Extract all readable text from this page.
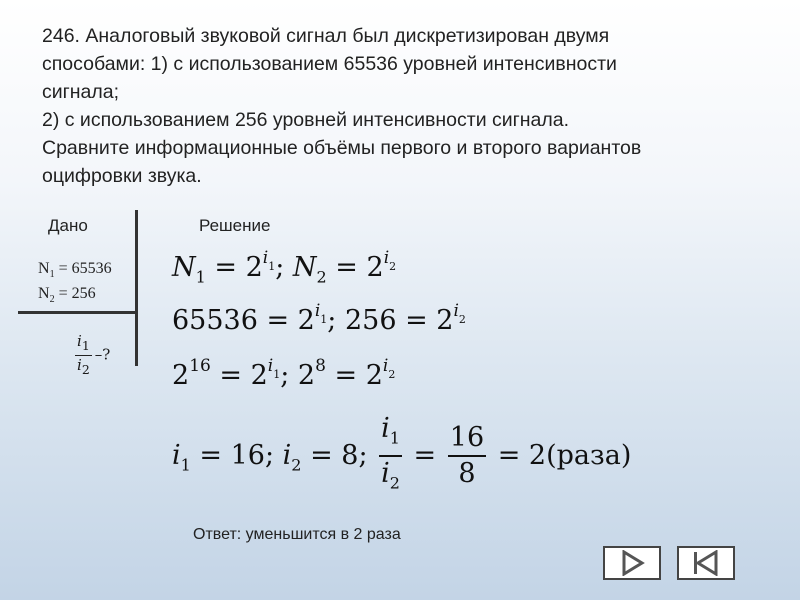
246. Аналоговый звуковой сигнал был дискретизирован двумя
способами: 1) с использованием 65536 уровней интенсивности
сигнала;
2) с использованием 256 уровней интенсивности сигнала.
Сравните информационные объёмы первого и второго вариантов
оцифровки звука.
Дано	Решение
$N_1 = 65536$
$N_2 = 256$
$\frac{i_1}{i_2}$ –?
$N_1 = 2^{i_1}$; $N_2 = 2^{i_2}$
$65536 = 2^{i_1}$; $256 = 2^{i_2}$
$2^{16} = 2^{i_1}$; $2^8 = 2^{i_2}$
$i_1 = 16$; $i_2 = 8$; $\frac{i_1}{i_2} = \frac{16}{8}$ = 2(раза)
Ответ: уменьшится в 2 раза
